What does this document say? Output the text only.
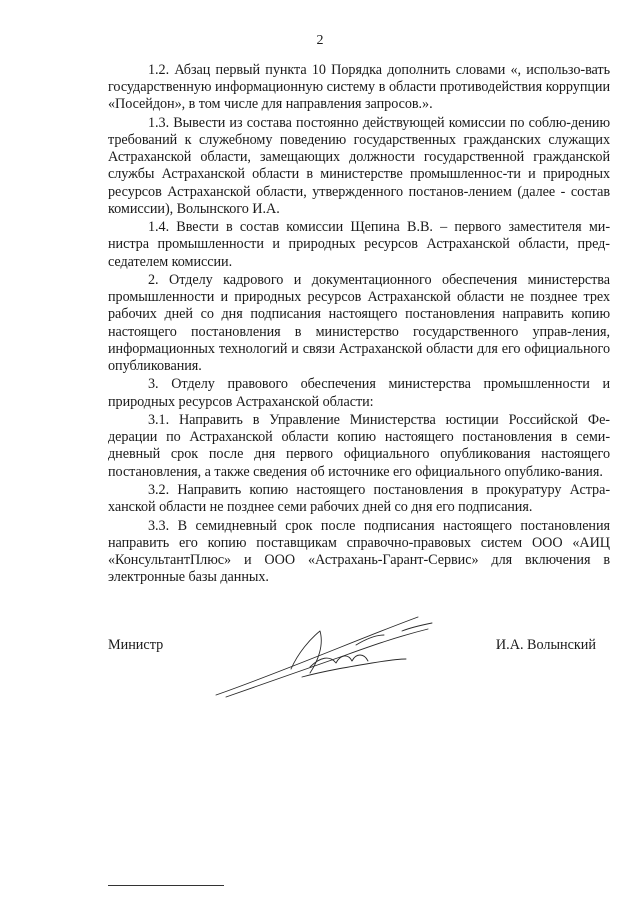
2

1.2. Абзац первый пункта 10 Порядка дополнить словами «, использо-вать государственную информационную систему в области противодействия коррупции «Посейдон», в том числе для направления запросов.».

1.3. Вывести из состава постоянно действующей комиссии по соблю-дению требований к служебному поведению государственных гражданских служащих Астраханской области, замещающих должности государственной гражданской службы Астраханской области в министерстве промышленнос-ти и природных ресурсов Астраханской области, утвержденного постанов-лением (далее - состав комиссии), Волынского И.А.

1.4. Ввести в состав комиссии Щепина В.В. – первого заместителя ми-нистра промышленности и природных ресурсов Астраханской области, пред-седателем комиссии.

2. Отделу кадрового и документационного обеспечения министерства промышленности и природных ресурсов Астраханской области не позднее трех рабочих дней со дня подписания настоящего постановления направить копию настоящего постановления в министерство государственного управ-ления, информационных технологий и связи Астраханской области для его официального опубликования.

3. Отделу правового обеспечения министерства промышленности и природных ресурсов Астраханской области:

3.1. Направить в Управление Министерства юстиции Российской Фе-дерации по Астраханской области копию настоящего постановления в семи-дневный срок после дня первого официального опубликования настоящего постановления, а также сведения об источнике его официального опублико-вания.

3.2. Направить копию настоящего постановления в прокуратуру Астра-ханской области не позднее семи рабочих дней со дня его подписания.

3.3. В семидневный срок после подписания настоящего постановления направить его копию поставщикам справочно-правовых систем ООО «АИЦ «КонсультантПлюс» и ООО «Астрахань-Гарант-Сервис» для включения в электронные базы данных.

Министр	И.А. Волынский
